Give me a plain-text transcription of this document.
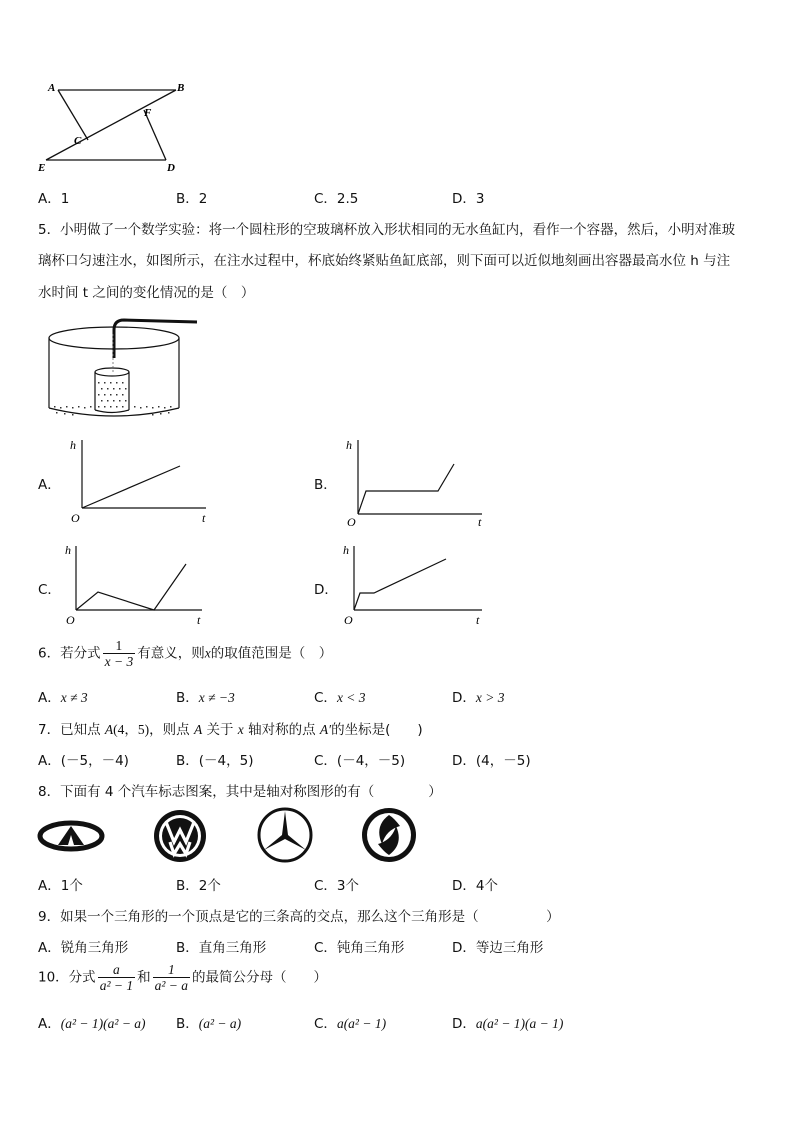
A	B
C
F
E	D
A．1	B．2	C．2.5	D．3
5．小明做了一个数学实验：将一个圆柱形的空玻璃杯放入形状相同的无水鱼缸内，看作一个容器，然后，小明对准玻
璃杯口匀速注水，如图所示，在注水过程中，杯底始终紧贴鱼缸底部，则下面可以近似地刻画出容器最高水位 h 与注
水时间 t 之间的变化情况的是（　）
A．
h
t
O
B．
h
t
O
C．
h
t
O
D．
h
t
O
6．若分式 $\frac{1}{x - 3}$ 有意义，则x的取值范围是（　）
A．x ≠ 3	B．x ≠ −3	C．x < 3	D．x > 3
7．已知点 A(4，5)，则点 A 关于 x 轴对称的点 A′的坐标是(　　)
A．(－5，－4)	B．(－4，5)	C．(－4，－5)	D．(4，－5)
8．下面有 4 个汽车标志图案，其中是轴对称图形的有（　　　　）
A．1个	B．2个	C．3个	D．4个
9．如果一个三角形的一个顶点是它的三条高的交点，那么这个三角形是（　　　　　）
A．锐角三角形	B．直角三角形	C．钝角三角形	D．等边三角形
10．分式 $\frac{a}{\text{a² − 1}}$ 和 $\frac{1}{\text{a² − a}}$ 的最简公分母（　　）
A．(a² − 1)(a² − a) B．(a² − a)	C．a(a² − 1)	D．a(a² − 1)(a − 1)
